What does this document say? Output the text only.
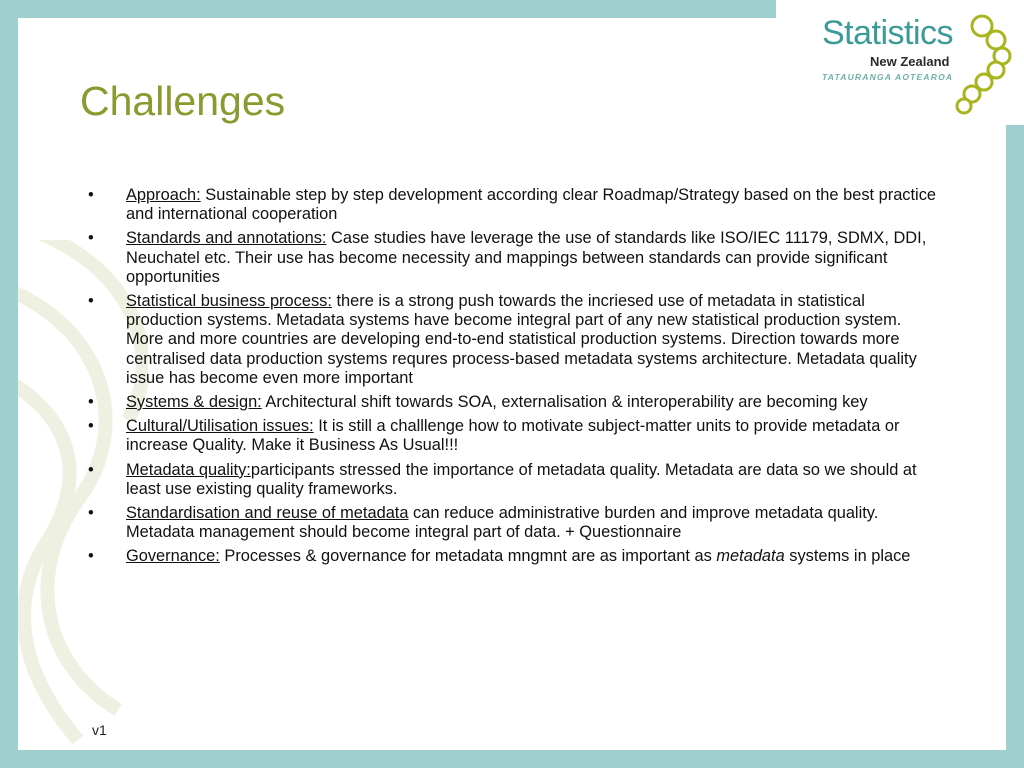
Statistics
New Zealand
TATAURANGA AOTEAROA
Challenges
• Approach: Sustainable step by step development according clear Roadmap/Strategy based on the best practice and international cooperation
• Standards and annotations: Case studies have leverage the use of standards like ISO/IEC 11179, SDMX, DDI, Neuchatel etc. Their use has become necessity and mappings between standards can provide significant opportunities
• Statistical business process: there is a strong push towards the incriesed use of metadata in statistical production systems. Metadata systems have become integral part of any new statistical production system. More and more countries are developing end-to-end statistical production systems. Direction towards more centralised data production systems requres process-based metadata systems architecture. Metadata quality issue has become even more important
• Systems & design: Architectural shift towards SOA, externalisation & interoperability are becoming key
• Cultural/Utilisation issues: It is still a challlenge how to motivate subject-matter units to provide metadata or increase Quality. Make it Business As Usual!!!
• Metadata quality:participants stressed the importance of metadata quality. Metadata are data so we should at least use existing quality frameworks.
• Standardisation and reuse of metadata can reduce administrative burden and improve metadata quality. Metadata management should become integral part of data. + Questionnaire
• Governance: Processes & governance for metadata mngmnt are as important as metadata systems in place
v1
